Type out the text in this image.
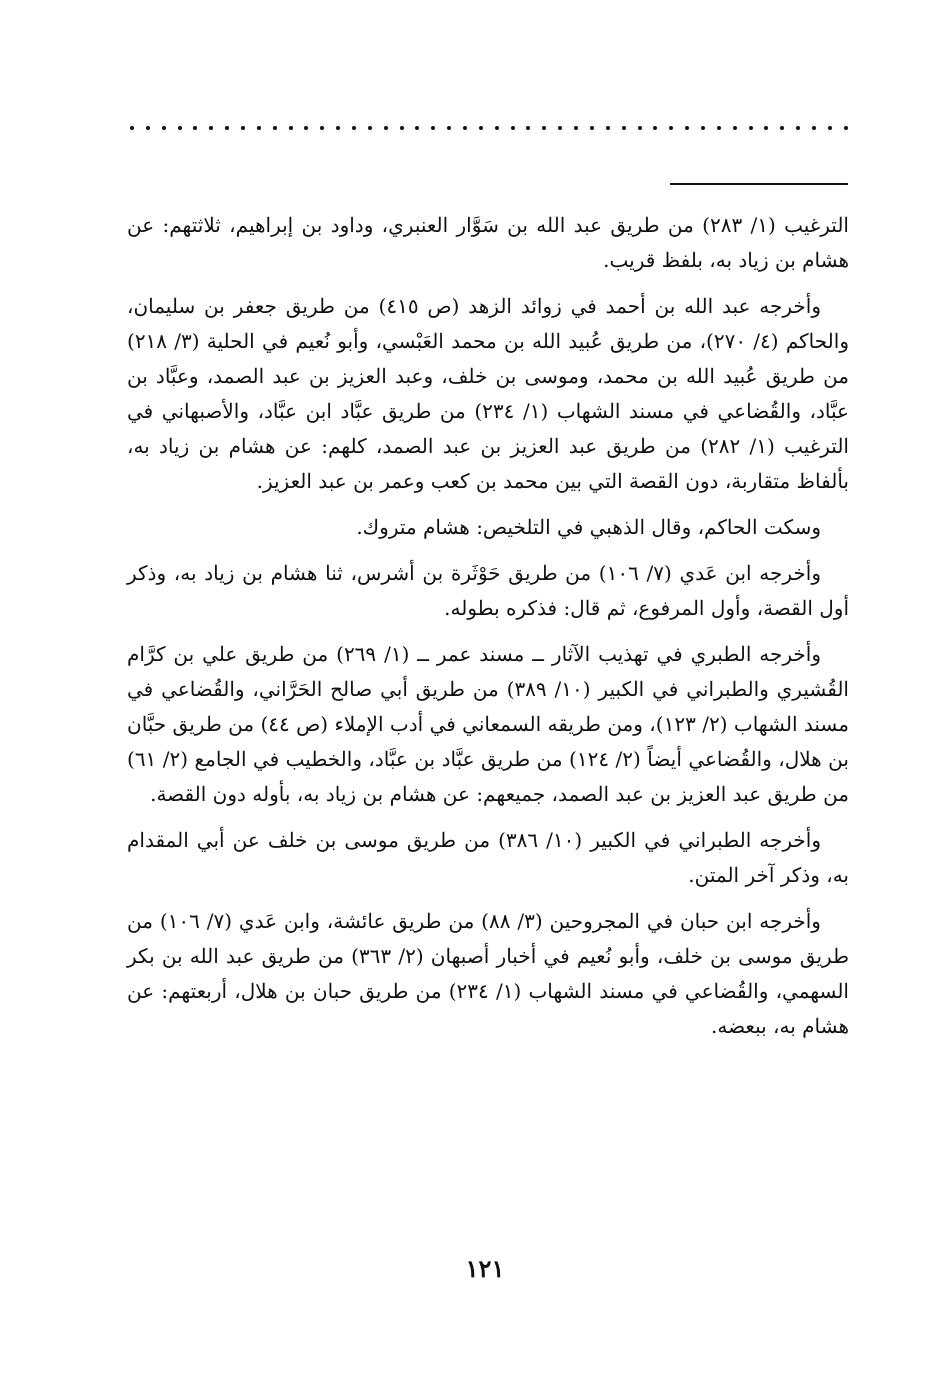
الترغيب (١/ ٢٨٣) من طريق عبد الله بن سَوَّار العنبري، وداود بن إبراهيم، ثلاثتهم: عن هشام بن زياد به، بلفظ قريب.

وأخرجه عبد الله بن أحمد في زوائد الزهد (ص ٤١٥) من طريق جعفر بن سليمان، والحاكم (٤/ ٢٧٠)، من طريق عُبيد الله بن محمد العَبْسي، وأبو نُعيم في الحلية (٣/ ٢١٨) من طريق عُبيد الله بن محمد، وموسى بن خلف، وعبد العزيز بن عبد الصمد، وعبَّاد بن عبَّاد، والقُضاعي في مسند الشهاب (١/ ٢٣٤) من طريق عبَّاد ابن عبَّاد، والأصبهاني في الترغيب (١/ ٢٨٢) من طريق عبد العزيز بن عبد الصمد، كلهم: عن هشام بن زياد به، بألفاظ متقاربة، دون القصة التي بين محمد بن كعب وعمر بن عبد العزيز.

وسكت الحاكم، وقال الذهبي في التلخيص: هشام متروك.

وأخرجه ابن عَدي (٧/ ١٠٦) من طريق حَوْثَرة بن أشرس، ثنا هشام بن زياد به، وذكر أول القصة، وأول المرفوع، ثم قال: فذكره بطوله.

وأخرجه الطبري في تهذيب الآثار ــ مسند عمر ــ (١/ ٢٦٩) من طريق علي بن كرَّام القُشيري والطبراني في الكبير (١٠/ ٣٨٩) من طريق أبي صالح الحَرَّاني، والقُضاعي في مسند الشهاب (٢/ ١٢٣)، ومن طريقه السمعاني في أدب الإملاء (ص ٤٤) من طريق حبَّان بن هلال، والقُضاعي أيضاً (٢/ ١٢٤) من طريق عبَّاد بن عبَّاد، والخطيب في الجامع (٢/ ٦١) من طريق عبد العزيز بن عبد الصمد، جميعهم: عن هشام بن زياد به، بأوله دون القصة.

وأخرجه الطبراني في الكبير (١٠/ ٣٨٦) من طريق موسى بن خلف عن أبي المقدام به، وذكر آخر المتن.

وأخرجه ابن حبان في المجروحين (٣/ ٨٨) من طريق عائشة، وابن عَدي (٧/ ١٠٦) من طريق موسى بن خلف، وأبو نُعيم في أخبار أصبهان (٢/ ٣٦٣) من طريق عبد الله بن بكر السهمي، والقُضاعي في مسند الشهاب (١/ ٢٣٤) من طريق حبان بن هلال، أربعتهم: عن هشام به، ببعضه.

١٢١
